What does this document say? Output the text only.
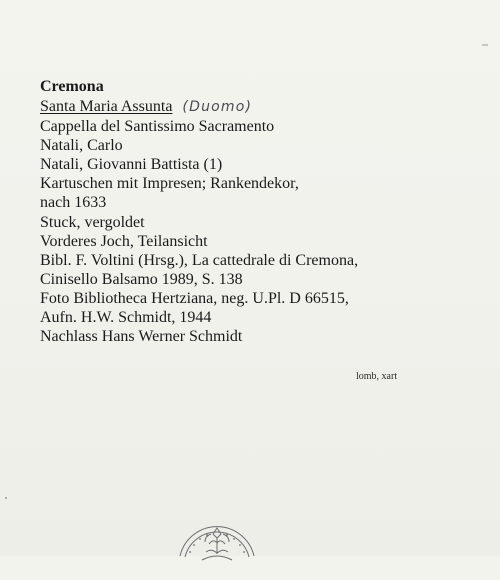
Cremona
Santa Maria Assunta (Duomo)
Cappella del Santissimo Sacramento
Natali, Carlo
Natali, Giovanni Battista (1)
Kartuschen mit Impresen; Rankendekor,
nach 1633
Stuck, vergoldet
Vorderes Joch, Teilansicht
Bibl. F. Voltini (Hrsg.), La cattedrale di Cremona,
Cinisello Balsamo 1989, S. 138
Foto Bibliotheca Hertziana, neg. U.Pl. D 66515,
Aufn. H.W. Schmidt, 1944
Nachlass Hans Werner Schmidt
lomb, xart
